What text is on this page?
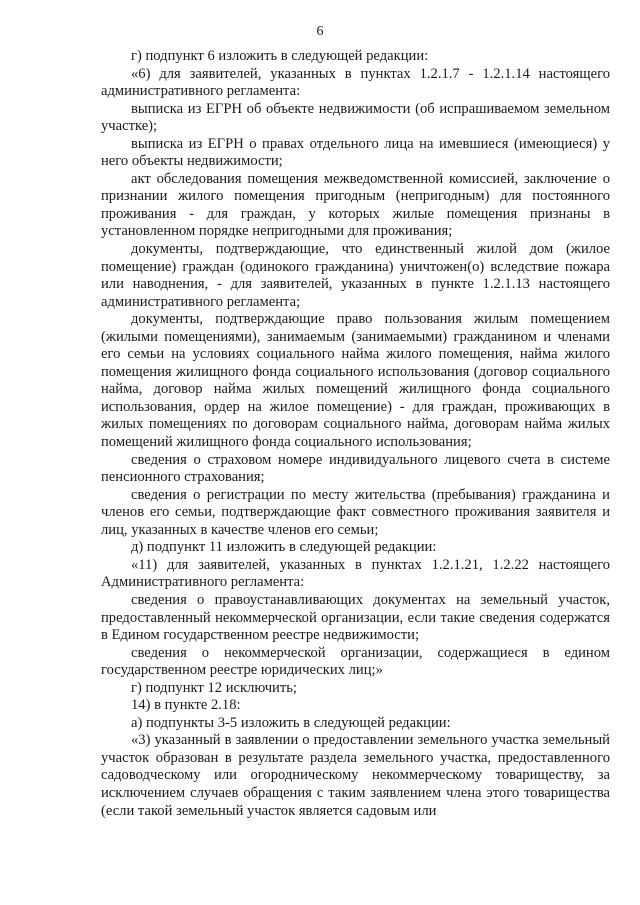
6

г) подпункт 6 изложить в следующей редакции:

«6) для заявителей, указанных в пунктах 1.2.1.7 - 1.2.1.14 настоящего административного регламента:

выписка из ЕГРН об объекте недвижимости (об испрашиваемом земельном участке);

выписка из ЕГРН о правах отдельного лица на имевшиеся (имеющиеся) у него объекты недвижимости;

акт обследования помещения межведомственной комиссией, заключение о признании жилого помещения пригодным (непригодным) для постоянного проживания - для граждан, у которых жилые помещения признаны в установленном порядке непригодными для проживания;

документы, подтверждающие, что единственный жилой дом (жилое помещение) граждан (одинокого гражданина) уничтожен(о) вследствие пожара или наводнения, - для заявителей, указанных в пункте 1.2.1.13 настоящего административного регламента;

документы, подтверждающие право пользования жилым помещением (жилыми помещениями), занимаемым (занимаемыми) гражданином и членами его семьи на условиях социального найма жилого помещения, найма жилого помещения жилищного фонда социального использования (договор социального найма, договор найма жилых помещений жилищного фонда социального использования, ордер на жилое помещение) - для граждан, проживающих в жилых помещениях по договорам социального найма, договорам найма жилых помещений жилищного фонда социального использования;

сведения о страховом номере индивидуального лицевого счета в системе пенсионного страхования;

сведения о регистрации по месту жительства (пребывания) гражданина и членов его семьи, подтверждающие факт совместного проживания заявителя и лиц, указанных в качестве членов его семьи;

д) подпункт 11 изложить в следующей редакции:

«11) для заявителей, указанных в пунктах 1.2.1.21, 1.2.22 настоящего Административного регламента:

сведения о правоустанавливающих документах на земельный участок, предоставленный некоммерческой организации, если такие сведения содержатся в Едином государственном реестре недвижимости;

сведения о некоммерческой организации, содержащиеся в едином государственном реестре юридических лиц;»

г) подпункт 12 исключить;

14) в пункте 2.18:

а) подпункты 3-5 изложить в следующей редакции:

«3) указанный в заявлении о предоставлении земельного участка земельный участок образован в результате раздела земельного участка, предоставленного садоводческому или огородническому некоммерческому товариществу, за исключением случаев обращения с таким заявлением члена этого товарищества (если такой земельный участок является садовым или
